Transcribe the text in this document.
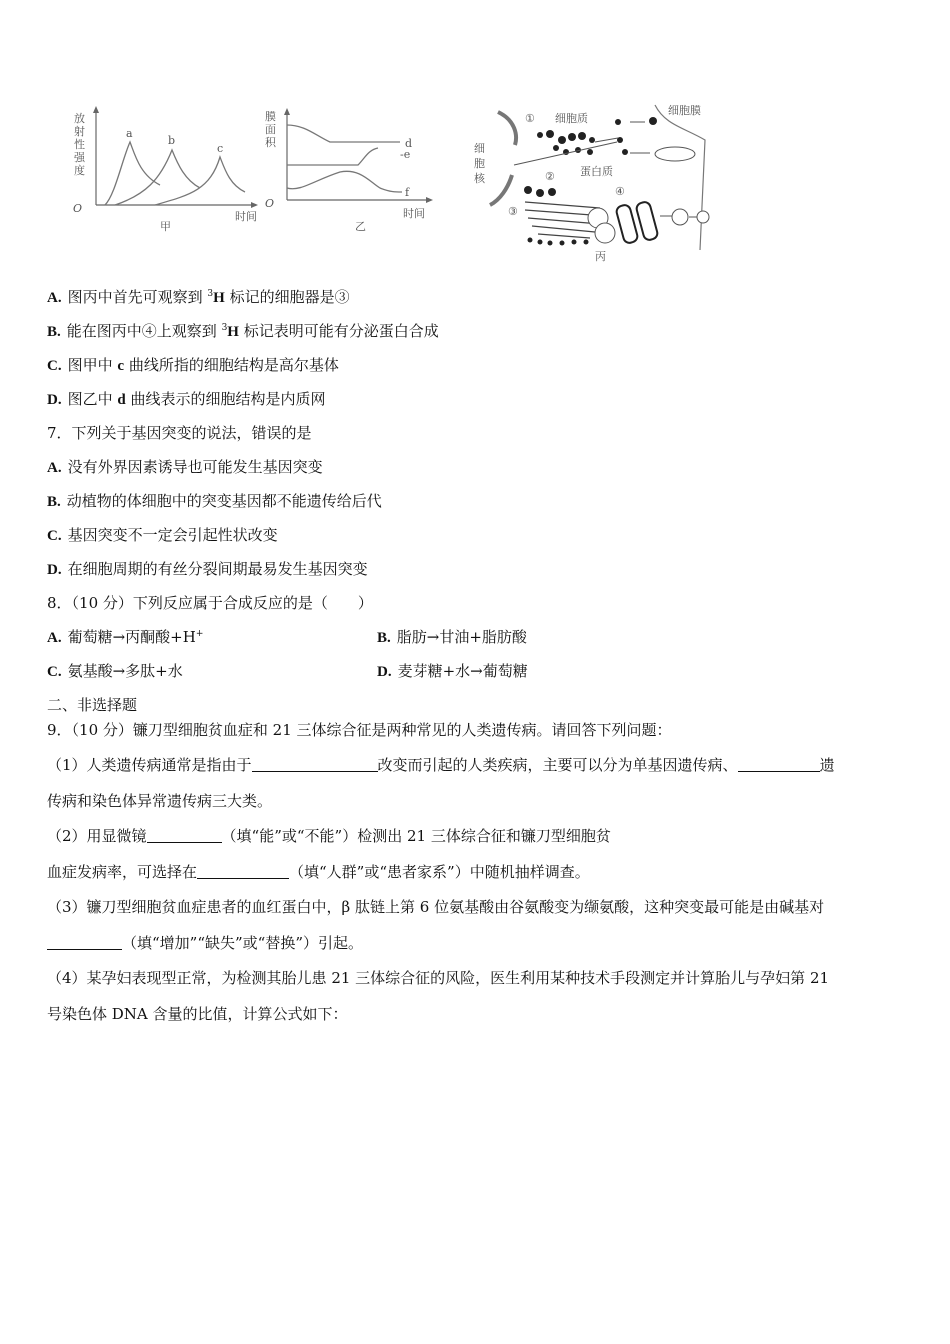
a
b
c
O
放
射
性
强
度
时间
甲
d
-e
f
O
膜
面
积
时间
乙
细
胞
核
细胞膜
① 细胞质
蛋白质
②
③
④
丙
A. 图丙中首先可观察到 $^3$H 标记的细胞器是③
B. 能在图丙中④上观察到 $^3$H 标记表明可能有分泌蛋白合成
C. 图甲中 c 曲线所指的细胞结构是高尔基体
D. 图乙中 d 曲线表示的细胞结构是内质网
7．下列关于基因突变的说法，错误的是
A. 没有外界因素诱导也可能发生基因突变
B. 动植物的体细胞中的突变基因都不能遗传给后代
C. 基因突变不一定会引起性状改变
D. 在细胞周期的有丝分裂间期最易发生基因突变
8．（10 分）下列反应属于合成反应的是（　　）
A. 葡萄糖→丙酮酸+H+	B. 脂肪→甘油+脂肪酸
C. 氨基酸→多肽+水	D. 麦芽糖+水→葡萄糖
二、非选择题
9．（10 分）镰刀型细胞贫血症和 21 三体综合征是两种常见的人类遗传病。请回答下列问题：
（1）人类遗传病通常是指由于	改变而引起的人类疾病，主要可以分为单基因遗传病、	遗
传病和染色体异常遗传病三大类。
（2）用显微镜	（填“能”或“不能”）检测出 21 三体综合征和镰刀型细胞贫
血症发病率，可选择在	（填“人群”或“患者家系”）中随机抽样调查。
（3）镰刀型细胞贫血症患者的血红蛋白中，β 肽链上第 6 位氨基酸由谷氨酸变为缬氨酸，这种突变最可能是由碱基对
（填“增加”“缺失”或“替换”）引起。
（4）某孕妇表现型正常，为检测其胎儿患 21 三体综合征的风险，医生利用某种技术手段测定并计算胎儿与孕妇第 21
号染色体 DNA 含量的比值，计算公式如下：
